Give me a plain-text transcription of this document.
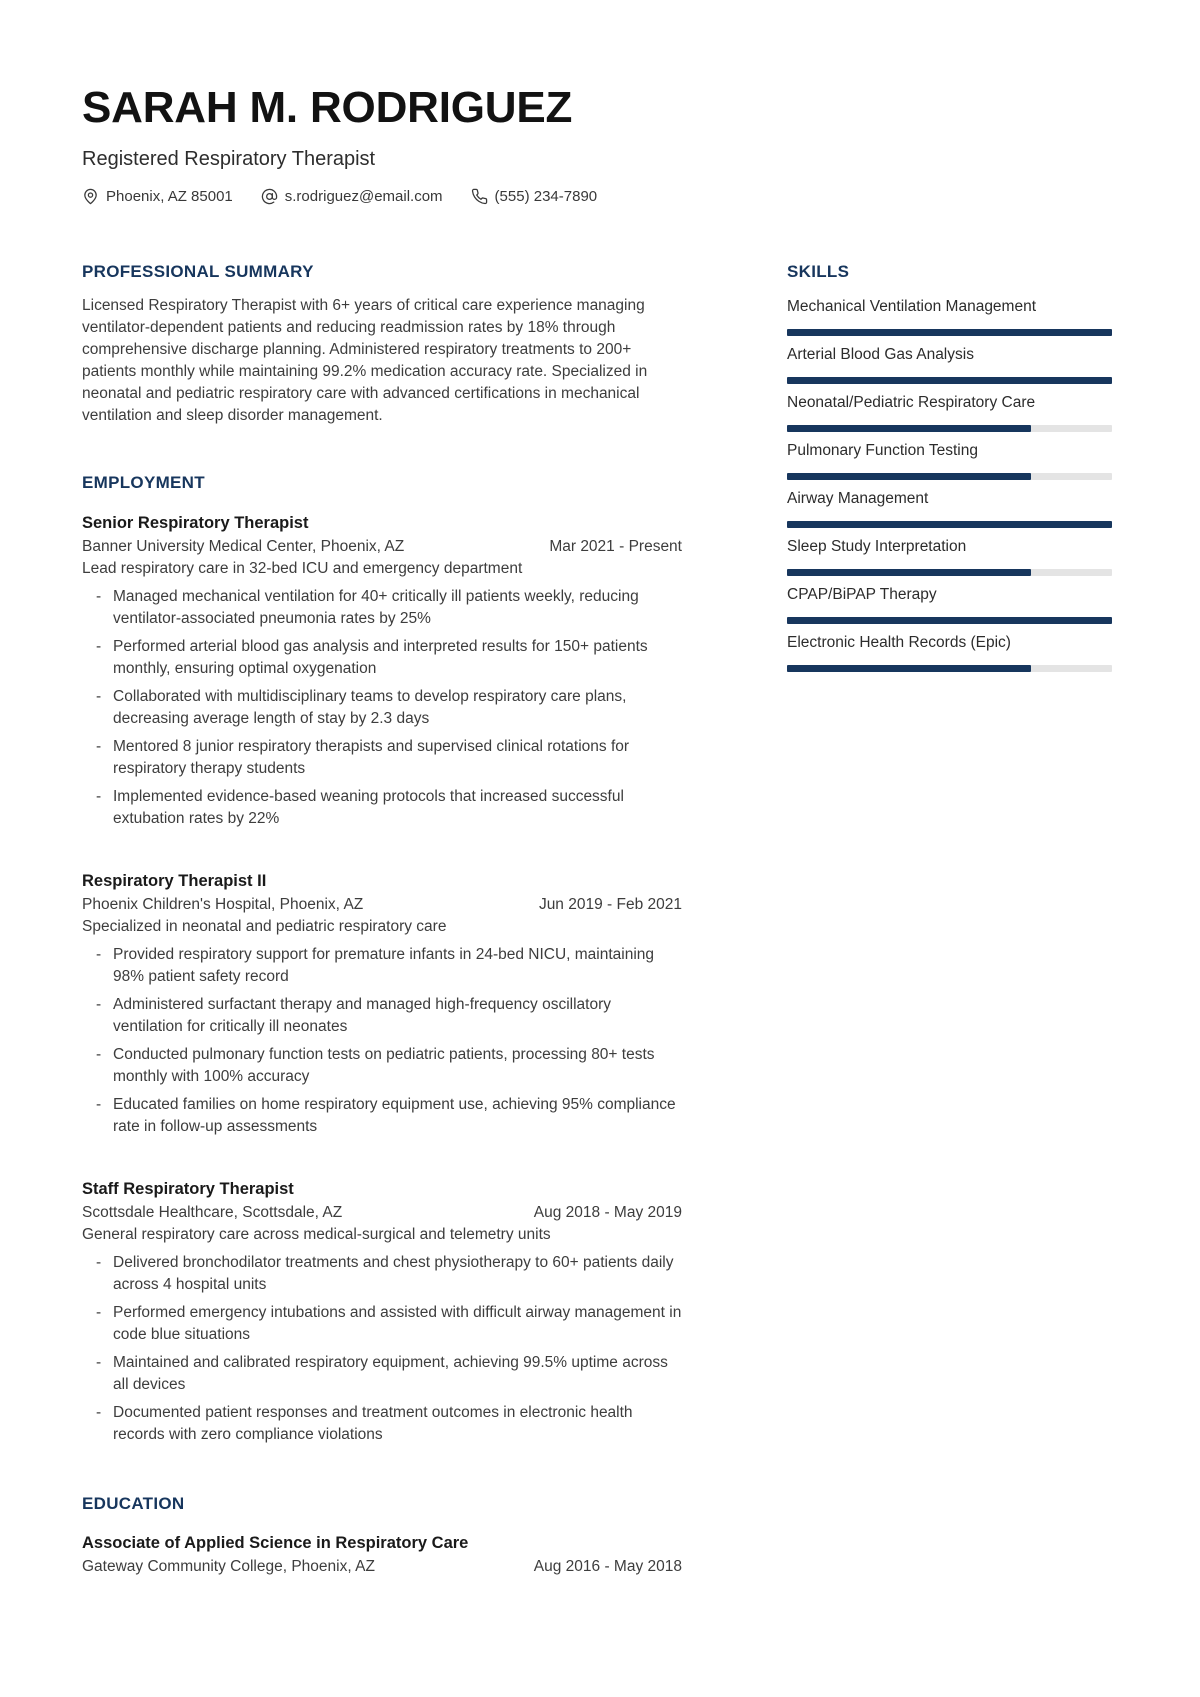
SARAH M. RODRIGUEZ
Registered Respiratory Therapist
Phoenix, AZ 85001	s.rodriguez@email.com	(555) 234-7890
PROFESSIONAL SUMMARY

Licensed Respiratory Therapist with 6+ years of critical care experience managing ventilator-dependent patients and reducing readmission rates by 18% through comprehensive discharge planning. Administered respiratory treatments to 200+ patients monthly while maintaining 99.2% medication accuracy rate. Specialized in neonatal and pediatric respiratory care with advanced certifications in mechanical ventilation and sleep disorder management.

EMPLOYMENT
Senior Respiratory Therapist
Banner University Medical Center, Phoenix, AZ	Mar 2021 - Present
Lead respiratory care in 32-bed ICU and emergency department
- Managed mechanical ventilation for 40+ critically ill patients weekly, reducing ventilator-associated pneumonia rates by 25%
- Performed arterial blood gas analysis and interpreted results for 150+ patients monthly, ensuring optimal oxygenation
- Collaborated with multidisciplinary teams to develop respiratory care plans, decreasing average length of stay by 2.3 days
- Mentored 8 junior respiratory therapists and supervised clinical rotations for respiratory therapy students
- Implemented evidence-based weaning protocols that increased successful extubation rates by 22%
Respiratory Therapist II
Phoenix Children's Hospital, Phoenix, AZ	Jun 2019 - Feb 2021
Specialized in neonatal and pediatric respiratory care
- Provided respiratory support for premature infants in 24-bed NICU, maintaining 98% patient safety record
- Administered surfactant therapy and managed high-frequency oscillatory ventilation for critically ill neonates
- Conducted pulmonary function tests on pediatric patients, processing 80+ tests monthly with 100% accuracy
- Educated families on home respiratory equipment use, achieving 95% compliance rate in follow-up assessments
Staff Respiratory Therapist
Scottsdale Healthcare, Scottsdale, AZ	Aug 2018 - May 2019
General respiratory care across medical-surgical and telemetry units
- Delivered bronchodilator treatments and chest physiotherapy to 60+ patients daily across 4 hospital units
- Performed emergency intubations and assisted with difficult airway management in code blue situations
- Maintained and calibrated respiratory equipment, achieving 99.5% uptime across all devices
- Documented patient responses and treatment outcomes in electronic health records with zero compliance violations
EDUCATION
Associate of Applied Science in Respiratory Care
Gateway Community College, Phoenix, AZ	Aug 2016 - May 2018
SKILLS
Mechanical Ventilation Management
Arterial Blood Gas Analysis
Neonatal/Pediatric Respiratory Care
Pulmonary Function Testing
Airway Management
Sleep Study Interpretation
CPAP/BiPAP Therapy
Electronic Health Records (Epic)
